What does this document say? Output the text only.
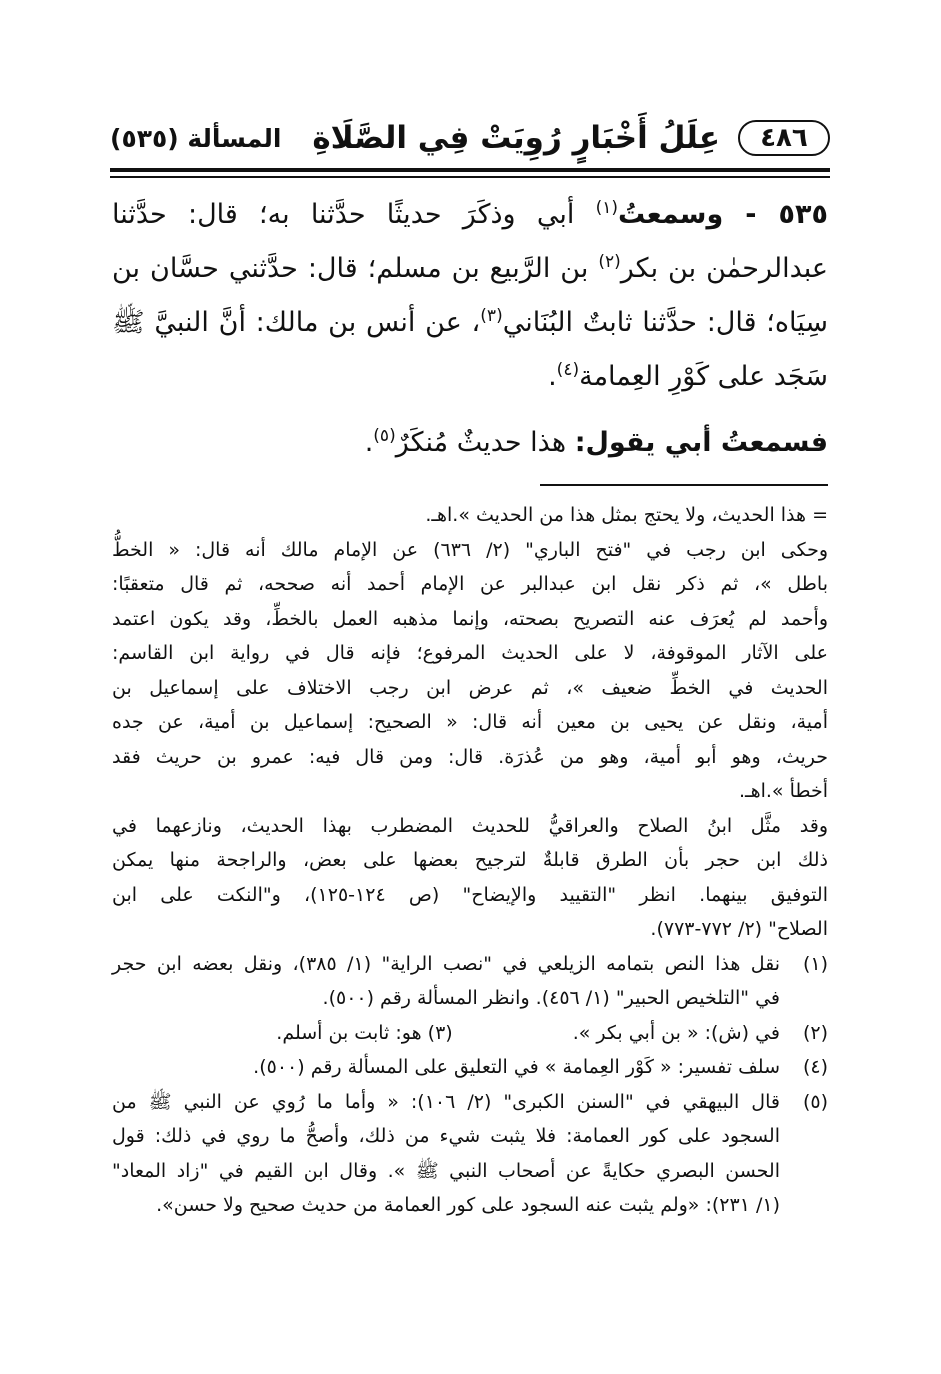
٤٨٦
عِلَلُ أَخْبَارٍ رُوِيَتْ فِي الصَّلَاةِ
المسألة (٥٣٥)
٥٣٥ - وسمعتُ$^{(١)}$ أبي وذكَرَ حديثًا حدَّثنا به؛ قال: حدَّثنا
عبدالرحمٰن بن بكر$^{(٢)}$ بن الرَّبيع بن مسلم؛ قال: حدَّثني حسَّان بن
سِيَاه؛ قال: حدَّثنا ثابتٌ البُنَاني$^{(٣)}$، عن أنس بن مالك: أنَّ النبيَّ ﷺ
سَجَد على كَوْرِ العِمامة$^{(٤)}$.

فسمعتُ أبي يقول: هذا حديثٌ مُنكَرٌ$^{(٥)}$.

= هذا الحديث، ولا يحتج بمثل هذا من الحديث ».اهـ.
وحكى ابن رجب في "فتح الباري" (٢/ ٦٣٦) عن الإمام مالك أنه قال: « الخطُّ
باطل »، ثم ذكر نقل ابن عبدالبر عن الإمام أحمد أنه صححه، ثم قال متعقبًا:
وأحمد لم يُعرَف عنه التصريح بصحته، وإنما مذهبه العمل بالخطِّ، وقد يكون اعتمد
على الآثار الموقوفة، لا على الحديث المرفوع؛ فإنه قال في رواية ابن القاسم:
الحديث في الخطِّ ضعيف »، ثم عرض ابن رجب الاختلاف على إسماعيل بن
أمية، ونقل عن يحيى بن معين أنه قال: « الصحيح: إسماعيل بن أمية، عن جده
حريث، وهو أبو أمية، وهو من عُذرَة. قال: ومن قال فيه: عمرو بن حريث فقد
أخطأ ».اهـ.
وقد مثَّل ابنُ الصلاح والعراقيُّ للحديث المضطرب بهذا الحديث، ونازعهما في
ذلك ابن حجر بأن الطرق قابلةٌ لترجيح بعضها على بعض، والراجحة منها يمكن
التوفيق بينهما. انظر "التقييد والإيضاح" (ص ١٢٤-١٢٥)، و"النكت على ابن
الصلاح" (٢/ ٧٧٢-٧٧٣).
(١)
نقل هذا النص بتمامه الزيلعي في "نصب الراية" (١/ ٣٨٥)، ونقل بعضه ابن حجر
في "التلخيص الحبير" (١/ ٤٥٦). وانظر المسألة رقم (٥٠٠).
(٢)
في (ش): « بن أبي بكر ».(٣) هو: ثابت بن أسلم.
(٤)
سلف تفسير: « كَوْر العِمامة » في التعليق على المسألة رقم (٥٠٠).
(٥)
قال البيهقي في "السنن الكبرى" (٢/ ١٠٦): « وأما ما رُوي عن النبي ﷺ من
السجود على كور العمامة: فلا يثبت شيء من ذلك، وأصحُّ ما روي في ذلك: قول
الحسن البصري حكايةً عن أصحاب النبي ﷺ ». وقال ابن القيم في "زاد المعاد"
(١/ ٢٣١): «ولم يثبت عنه السجود على كور العمامة من حديث صحيح ولا حسن».
